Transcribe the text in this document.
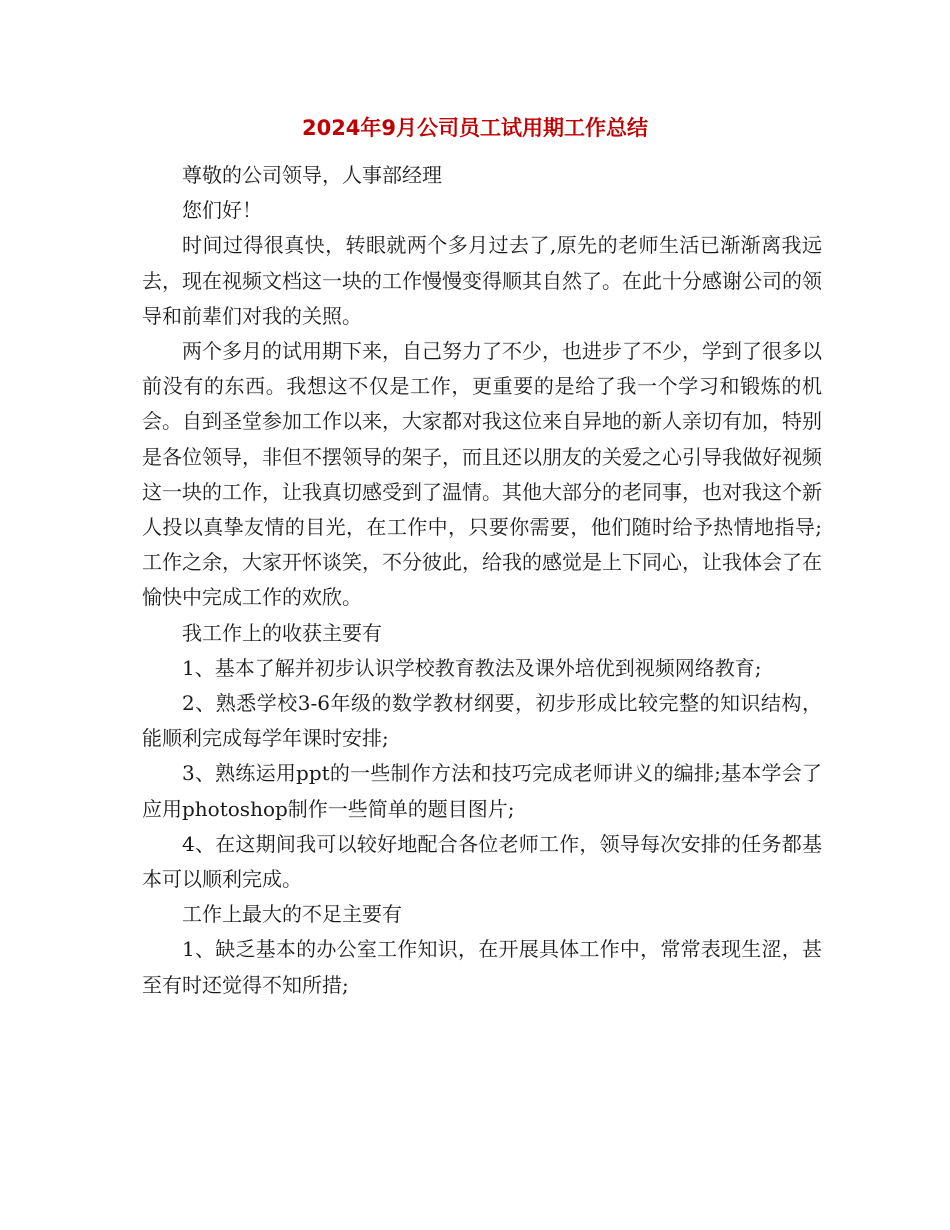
2024年9月公司员工试用期工作总结

尊敬的公司领导，人事部经理

您们好！

时间过得很真快，转眼就两个多月过去了,原先的老师生活已渐渐离我远去，现在视频文档这一块的工作慢慢变得顺其自然了。在此十分感谢公司的领导和前辈们对我的关照。

两个多月的试用期下来，自己努力了不少，也进步了不少，学到了很多以前没有的东西。我想这不仅是工作，更重要的是给了我一个学习和锻炼的机会。自到圣堂参加工作以来，大家都对我这位来自异地的新人亲切有加，特别是各位领导，非但不摆领导的架子，而且还以朋友的关爱之心引导我做好视频这一块的工作，让我真切感受到了温情。其他大部分的老同事，也对我这个新人投以真挚友情的目光，在工作中，只要你需要，他们随时给予热情地指导;工作之余，大家开怀谈笑，不分彼此，给我的感觉是上下同心，让我体会了在愉快中完成工作的欢欣。

我工作上的收获主要有

1、基本了解并初步认识学校教育教法及课外培优到视频网络教育;

2、熟悉学校3-6年级的数学教材纲要，初步形成比较完整的知识结构，能顺利完成每学年课时安排;

3、熟练运用ppt的一些制作方法和技巧完成老师讲义的编排;基本学会了应用photoshop制作一些简单的题目图片;

4、在这期间我可以较好地配合各位老师工作，领导每次安排的任务都基本可以顺利完成。

工作上最大的不足主要有

1、缺乏基本的办公室工作知识，在开展具体工作中，常常表现生涩，甚至有时还觉得不知所措;
